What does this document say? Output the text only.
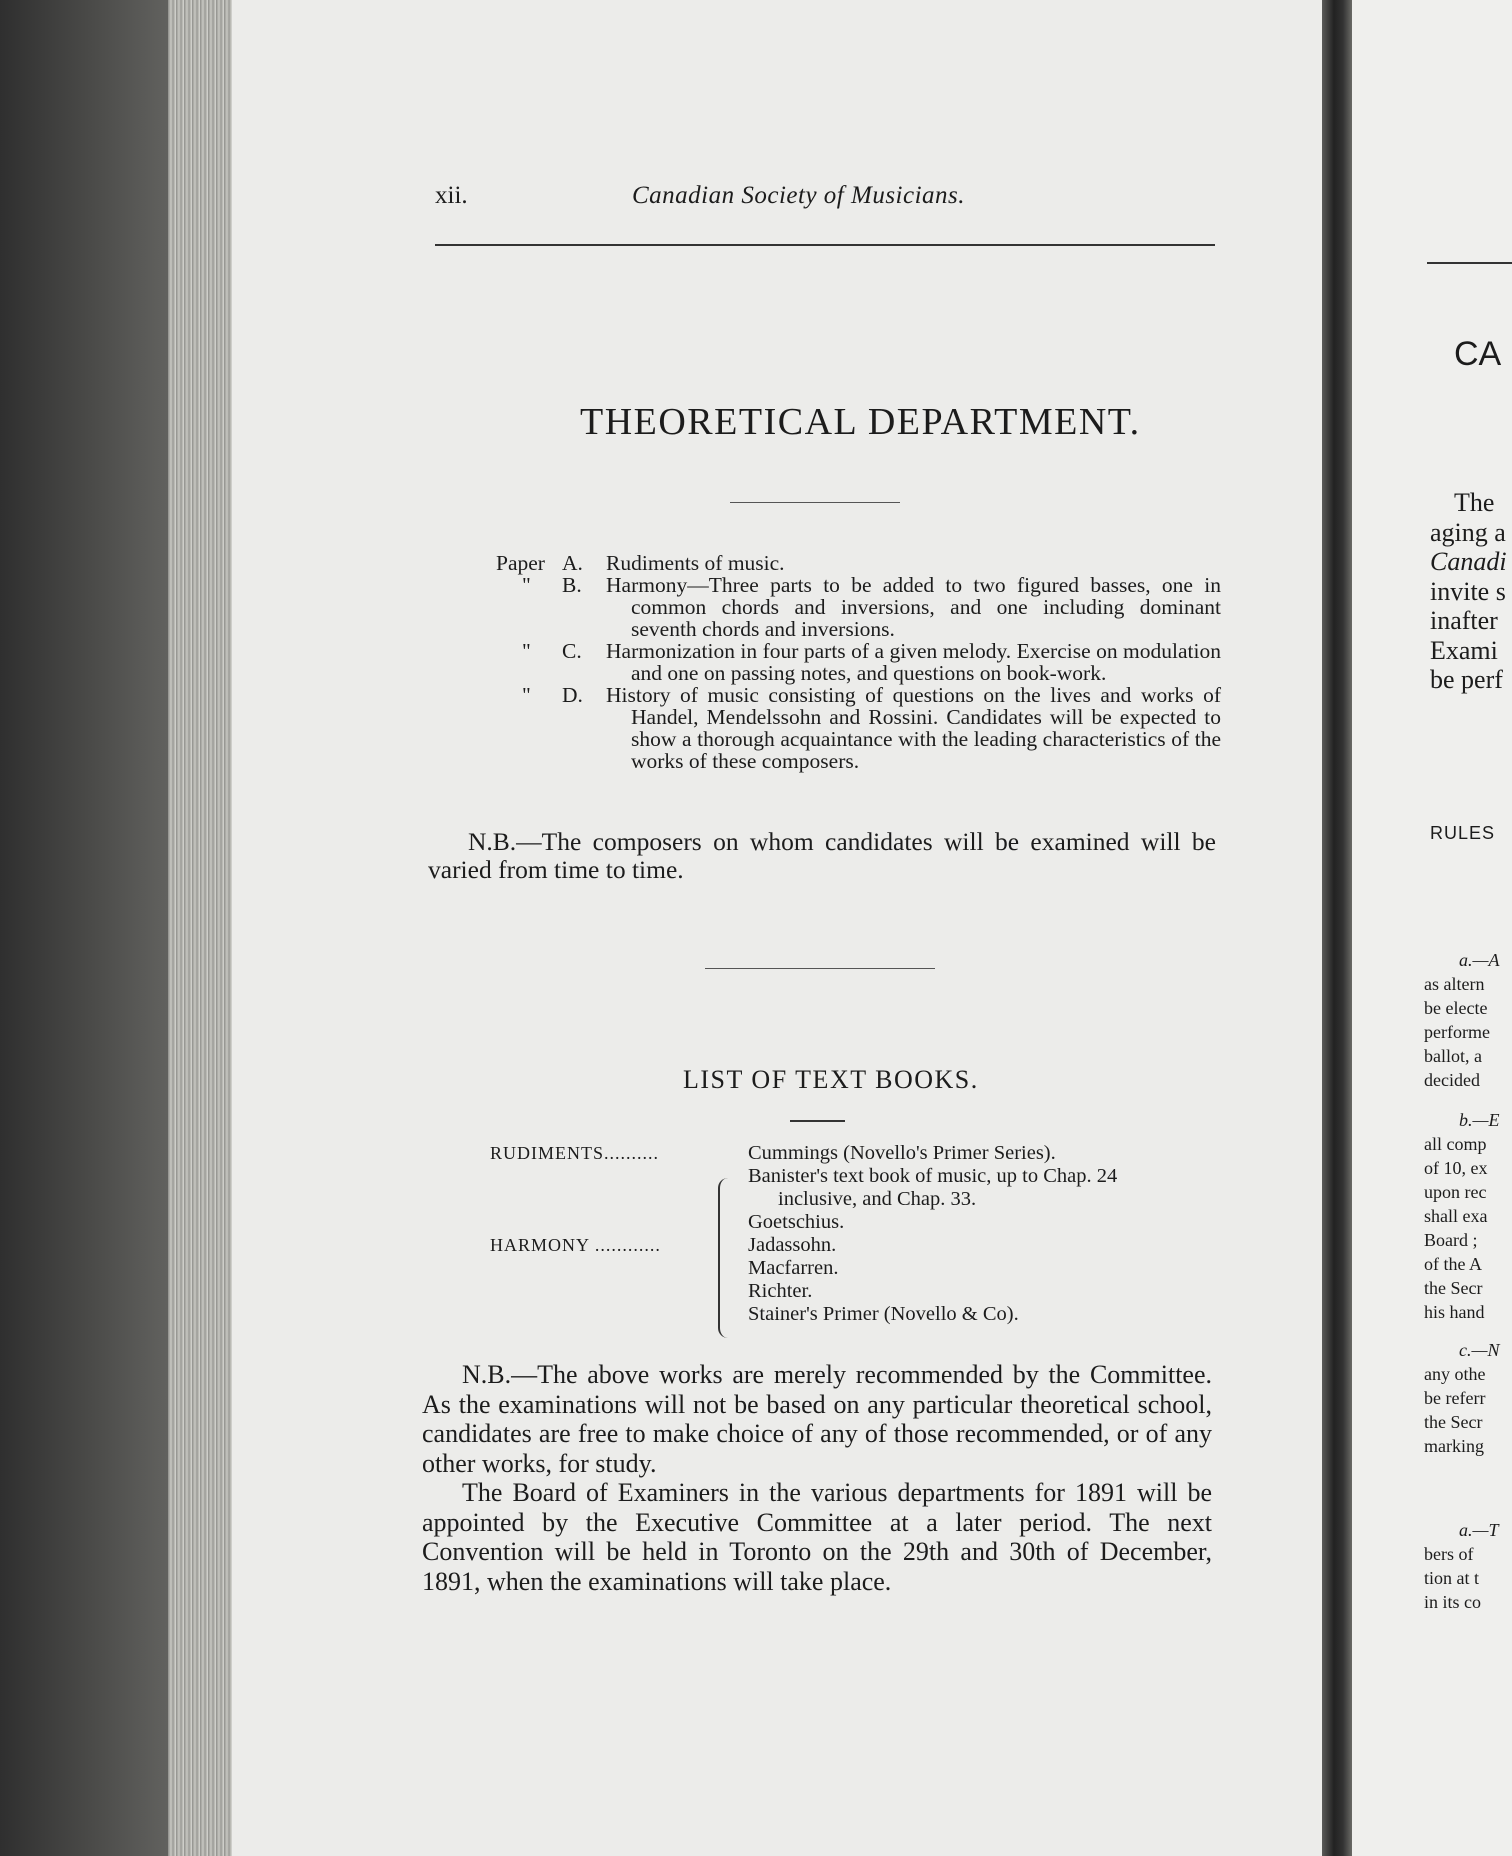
xii.	Canadian Society of Musicians.
THEORETICAL DEPARTMENT.
Paper A.	Rudiments of music.
"	B.	Harmony—Three parts to be added to two figured basses, one in common chords and inversions, and one including dominant seventh chords and inversions.
"	C.	Harmonization in four parts of a given melody. Exercise on modulation and one on passing notes, and questions on book-work.
"	D.	History of music consisting of questions on the lives and works of Handel, Mendelssohn and Rossini. Candidates will be expected to show a thorough acquaintance with the leading characteristics of the works of these composers.
N.B.—The composers on whom candidates will be examined will be varied from time to time.
LIST OF TEXT BOOKS.
RUDIMENTS..........	Cummings (Novello's Primer Series).
Banister's text book of music, up to Chap. 24
inclusive, and Chap. 33.
Goetschius.
HARMONY ............	Jadassohn.
Macfarren.
Richter.
Stainer's Primer (Novello & Co).

N.B.—The above works are merely recommended by the Committee. As the examinations will not be based on any particular theoretical school, candidates are free to make choice of any of those recommended, or of any other works, for study.

The Board of Examiners in the various departments for 1891 will be appointed by the Executive Committee at a later period. The next Convention will be held in Toronto on the 29th and 30th of December, 1891, when the examinations will take place.

CA
The
aging a
Canadi
invite s
inafter
Exami
be perf
RULES
a.—A
as altern
be electe
performe
ballot, a
decided
b.—E
all comp
of 10, ex
upon rec
shall exa
Board ;
of the A
the Secr
his hand
c.—N
any othe
be referr
the Secr
marking
a.—T
bers of
tion at t
in its co
